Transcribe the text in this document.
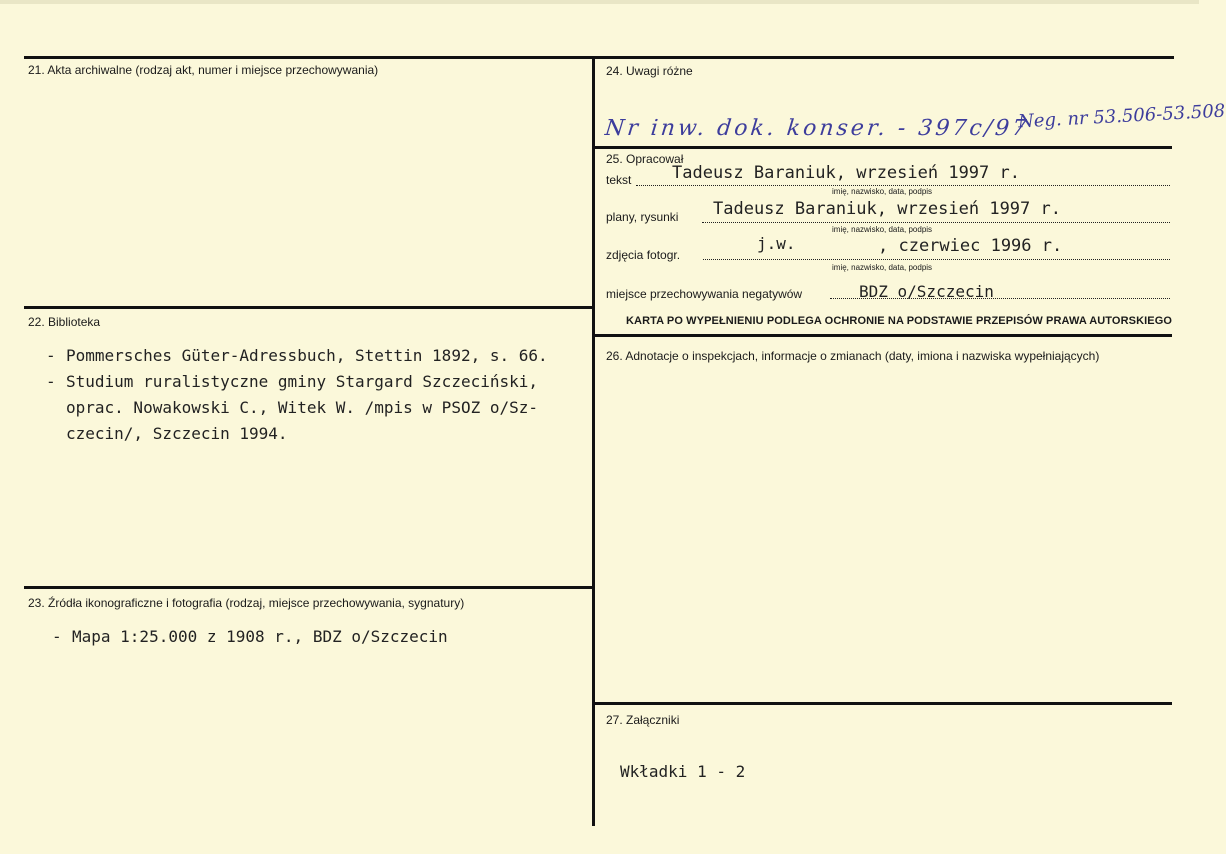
21. Akta archiwalne (rodzaj akt, numer i miejsce przechowywania)
22. Biblioteka
- Pommersches Güter-Adressbuch, Stettin 1892, s. 66.
- Studium ruralistyczne gminy Stargard Szczeciński,
oprac. Nowakowski C., Witek W. /mpis w PSOZ o/Sz-
czecin/, Szczecin 1994.
23. Źródła ikonograficzne i fotografia (rodzaj, miejsce przechowywania, sygnatury)
- Mapa 1:25.000 z 1908 r., BDZ o/Szczecin
24. Uwagi różne
Nr inw. dok. konser. - 397c/97
Neg. nr 53.506-53.508
25. Opracował
tekst Tadeusz Baraniuk, wrzesień 1997 r.
imię, nazwisko, data, podpis
plany, rysunki Tadeusz Baraniuk, wrzesień 1997 r.
imię, nazwisko, data, podpis
zdjęcia fotogr.
j.w.	, czerwiec 1996 r.
imię, nazwisko, data, podpis
miejsce przechowywania negatywów	BDZ o/Szczecin
KARTA PO WYPEŁNIENIU PODLEGA OCHRONIE NA PODSTAWIE PRZEPISÓW PRAWA AUTORSKIEGO
26. Adnotacje o inspekcjach, informacje o zmianach (daty, imiona i nazwiska wypełniających)
27. Załączniki
Wkładki 1 - 2
